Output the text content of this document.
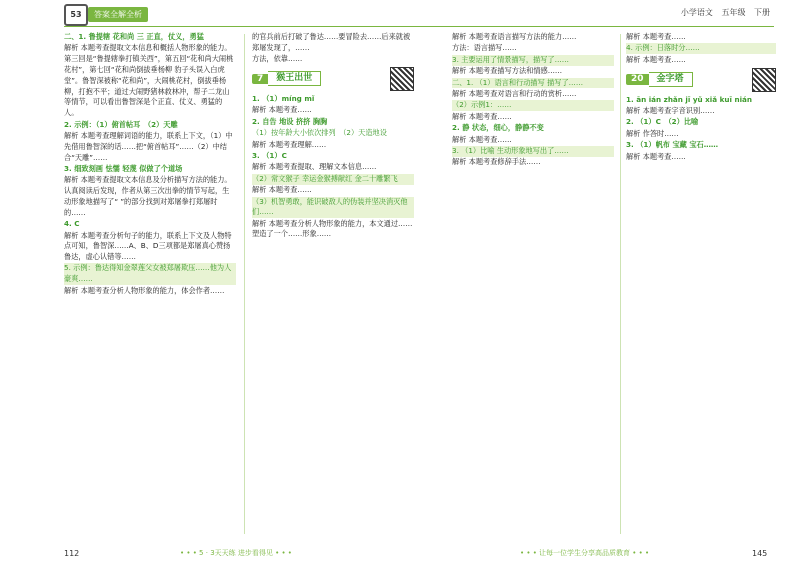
53	答案全解全析	小学语文 五年级 下册

二、1. 鲁提辖 花和尚 三 正直，仗义，勇猛

解析 本题考查提取文本信息和概括人物形象的能力。第三回是“鲁提辖拳打镇关西”，第五回“花和尚大闹桃花村”，第七回“花和尚倒拔垂杨柳 豹子头误入白虎堂”。鲁智深被称“花和尚”，大闹桃花村，倒拔垂杨柳，打抱不平；道过大闹野猪林救林冲，帮子二龙山等情节，可以看出鲁智深是个正直、仗义、勇猛的人。

2. 示例：（1）俯首帖耳　（2）天雕

解析 本题考查理解词语的能力，联系上下文，（1）中先借用鲁智深的话……把“俯首帖耳”……（2）中结合“天雕”……

3. 细致刻画 怯懦 轻蔑 似做了个道场

解析 本题考查提取文本信息及分析描写方法的能力。认真阅读后发现，作者从第三次出拳的情节写起，生动形象地描写了“ ”的部分找到对郑屠拳打郑屠时的……

4. C

解析 本题考查分析句子的能力，联系上下文及人物特点可知，鲁智深……A、B、D三项都是郑屠真心赞扬鲁达，虚心认错等……

5. 示例：鲁达得知金翠莲父女被郑屠欺压……他为人豪爽……

解析 本题考查分析人物形象的能力，体会作者……

的官兵前后打破了鲁达……要冒险去……后来就被郑屠发现了，……

方法，依靠……

7	猴王出世

1. （1）míng mǐ

解析 本题考查……

2. 自告 地设 挤挤 胸胸

（1）按年龄大小依次排列　（2）天造地设

解析 本题考查理解……

3. （1）C

解析 本题考查提取、理解文本信息……

（2）常文猴子 幸运金猴搏献红 金二十雕繁飞

解析 本题考查……

（3）机智勇敢，能识破敌人的伪装并坚决消灭他们……

解析 本题考查分析人物形象的能力，本文通过……塑造了一个……形象……

解析 本题考查语言描写方法的能力……

方法：语言描写……

3. 主要运用了情景描写，描写了……

解析 本题考查描写方法和情感……

二、1. （1）语言和行动描写 描写了……

解析 本题考查对语言和行动的赏析……

（2）示例1：……

解析 本题考查……

2. 静 状态，细心，静静不变

解析 本题考查……

3. （1）比喻 生动形象地写出了……

解析 本题考查修辞手法……

解析 本题考查……

4. 示例：日落时分……

解析 本题考查……

20	金字塔

1. ān ián zhǎn jī yǔ xiǎ kuī nián

解析 本题考查字音识别……

2. （1）C　（2）比喻

解析 作答时……

3. （1）帆布 宝藏 宝石……

解析 本题考查……

112	• • • 5 · 3天天练 进步看得见 • • •	• • • 让每一位学生分享高品质教育 • • •	145
